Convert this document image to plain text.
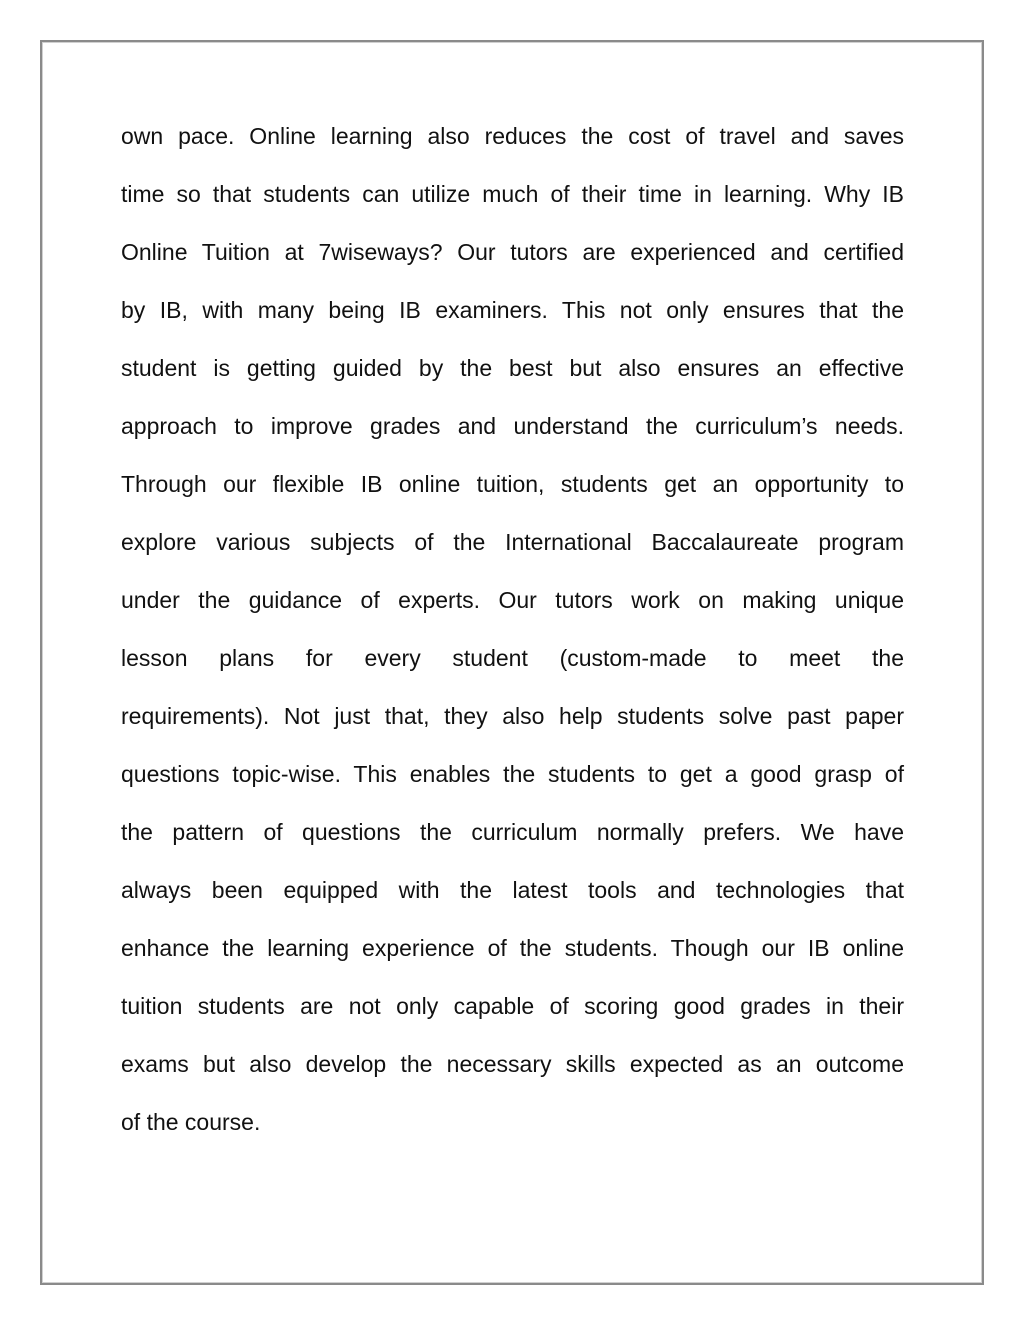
own pace. Online learning also reduces the cost of travel and saves
time so that students can utilize much of their time in learning. Why IB
Online Tuition at 7wiseways? Our tutors are experienced and certified
by IB, with many being IB examiners. This not only ensures that the
student is getting guided by the best but also ensures an effective
approach to improve grades and understand the curriculum’s needs.
Through our flexible IB online tuition, students get an opportunity to
explore various subjects of the International Baccalaureate program
under the guidance of experts. Our tutors work on making unique
lesson plans for every student (custom-made to meet the
requirements). Not just that, they also help students solve past paper
questions topic-wise. This enables the students to get a good grasp of
the pattern of questions the curriculum normally prefers. We have
always been equipped with the latest tools and technologies that
enhance the learning experience of the students. Though our IB online
tuition students are not only capable of scoring good grades in their
exams but also develop the necessary skills expected as an outcome
of the course.
